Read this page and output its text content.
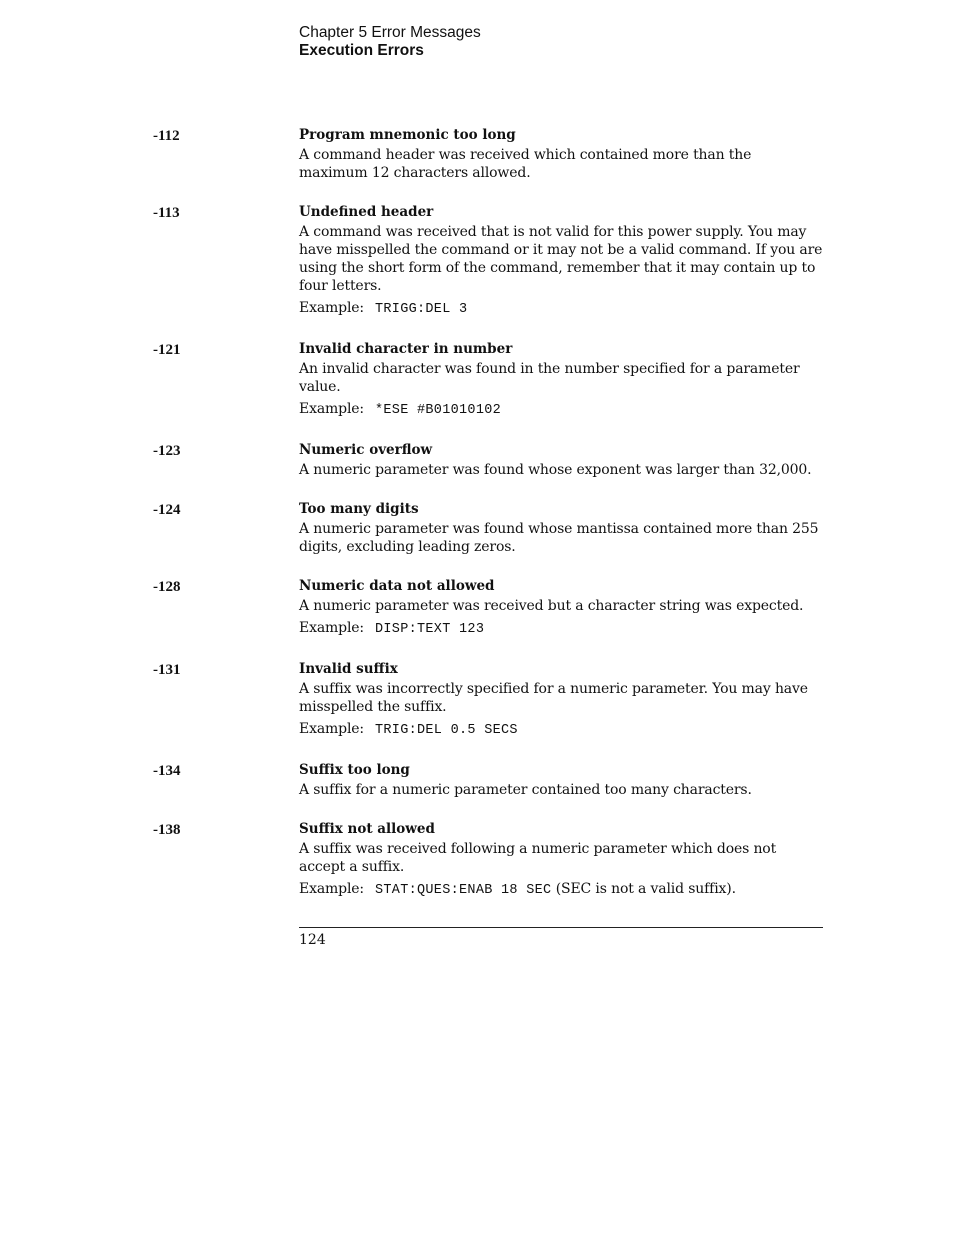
Chapter 5 Error Messages
Execution Errors
-112	Program mnemonic too long
A command header was received which contained more than the maximum 12 characters allowed.
-113	Undefined header
A command was received that is not valid for this power supply. You may have misspelled the command or it may not be a valid command. If you are using the short form of the command, remember that it may contain up to four letters.
Example: TRIGG:DEL 3
-121	Invalid character in number
An invalid character was found in the number specified for a parameter value.
Example: *ESE #B01010102
-123	Numeric overflow
A numeric parameter was found whose exponent was larger than 32,000.
-124	Too many digits
A numeric parameter was found whose mantissa contained more than 255 digits, excluding leading zeros.
-128	Numeric data not allowed
A numeric parameter was received but a character string was expected.
Example: DISP:TEXT 123
-131	Invalid suffix
A suffix was incorrectly specified for a numeric parameter. You may have misspelled the suffix.
Example: TRIG:DEL 0.5 SECS
-134	Suffix too long
A suffix for a numeric parameter contained too many characters.
-138	Suffix not allowed
A suffix was received following a numeric parameter which does not accept a suffix.
Example: STAT:QUES:ENAB 18 SEC (SEC is not a valid suffix).
124
